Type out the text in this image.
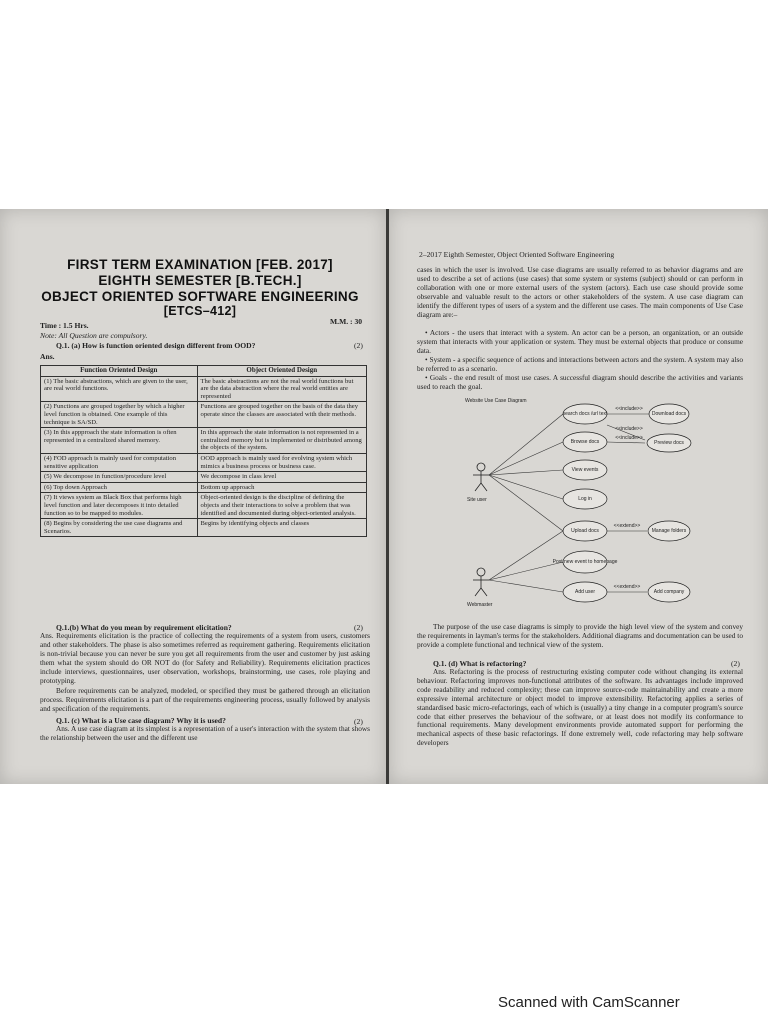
FIRST TERM EXAMINATION [FEB. 2017]
EIGHTH SEMESTER [B.TECH.]
OBJECT ORIENTED SOFTWARE ENGINEERING
[ETCS–412]
Time : 1.5 Hrs.	M.M. : 30
Note: All Question are compulsory.
Q.1. (a) How is function oriented design different from OOD?	(2)
Ans.
Function Oriented Design	Object Oriented Design
(1) The basic abstractions, which are given to the user, are real world functions.	The basic abstractions are not the real world functions but are the data abstraction where the real world entities are represented
(2) Functions are grouped together by which a higher level function is obtained. One example of this technique is SA/SD.	Functions are grouped together on the basis of the data they operate since the classes are associated with their methods.
(3) In this appproach the state information is often represented in a centralized shared memory.	In this approach the state information is not represented in a centralized memory but is implemented or distributed among the objects of the system.
(4) FOD approach is mainly used for computation sensitive application	OOD approach is mainly used for evolving system which mimics a business process or business case.
(5) We decompose in function/procedure level	We decompose in class level
(6) Top down Approach	Bottom up approach
(7) It views system as Black Box that performs high level function and later decomposes it into detailed function so to be mapped to modules.	Object-oriented design is the discipline of defining the objects and their interactions to solve a problem that was identified and documented during object-oriented analysis.
(8) Begins by considering the use case diagrams and Scenarios.	Begins by identifying objects and classes
Q.1.(b) What do you mean by requirement elicitation?	(2)
Ans. Requirements elicitation is the practice of collecting the requirements of a system from users, customers and other stakeholders. The phase is also sometimes referred as requirement gathering. Requirements elicitation is non-trivial because you can never be sure you get all requirements from the user and customer by just asking them what the system should do OR NOT do (for Safety and Reliability). Requirements elicitation practices include interviews, questionnaires, user observation, workshops, brainstorming, use cases, role playing and prototyping.
Before requirements can be analyzed, modeled, or specified they must be gathered through an elicitation process. Requirements elicitation is a part of the requirements engineering process, usually followed by analysis and specification of the requirements.
Q.1. (c) What is a Use case diagram? Why it is used?	(2)
Ans. A use case diagram at its simplest is a representation of a user's interaction with the system that shows the relationship between the user and the different use
2–2017 Eighth Semester, Object Oriented Software Engineering
cases in which the user is involved. Use case diagrams are usually referred to as behavior diagrams and are used to describe a set of actions (use cases) that some system or systems (subject) should or can perform in collaboration with one or more external users of the system (actors). Each use case should provide some observable and valuable result to the actors or other stakeholders of the system. A use case diagram can identify the different types of users of a system and the different use cases. The main components of Use Case diagram are:–
• Actors - the users that interact with a system. An actor can be a person, an organization, or an outside system that interacts with your application or system. They must be external objects that produce or consume data.
• System - a specific sequence of actions and interactions between actors and the system. A system may also be referred to as a scenario.
• Goals - the end result of most use cases. A successful diagram should describe the activities and variants used to reach the goal.
Website Use Case Diagram
Site user
Webmaster
search docs /url text
Browse docs
View events
Log in
Upload docs
Post new event to homepage
Add user
Download docs
Preview docs
Manage folders
Add company
<<include>>
<<include>>
<<include>>
<<extend>>
<<extend>>
The purpose of the use case diagrams is simply to provide the high level view of the system and convey the requirements in layman's terms for the stakeholders. Additional diagrams and documentation can be used to provide a complete functional and technical view of the system.
Q.1. (d) What is refactoring?	(2)
Ans. Refactoring is the process of restructuring existing computer code without changing its external behaviour. Refactoring improves non-functional attributes of the software. Its advantages include improved code readability and reduced complexity; these can improve source-code maintainability and create a more expressive internal architecture or object model to improve extensibility. Refactoring applies a series of standardised basic micro-refactorings, each of which is (usually) a tiny change in a computer program's source code that either preserves the behaviour of the software, or at least does not modify its conformance to functional requirements. Many development environments provide automated support for performing the mechanical aspects of these basic refactorings. If done extremely well, code refactoring may help software developers
Scanned with CamScanner
